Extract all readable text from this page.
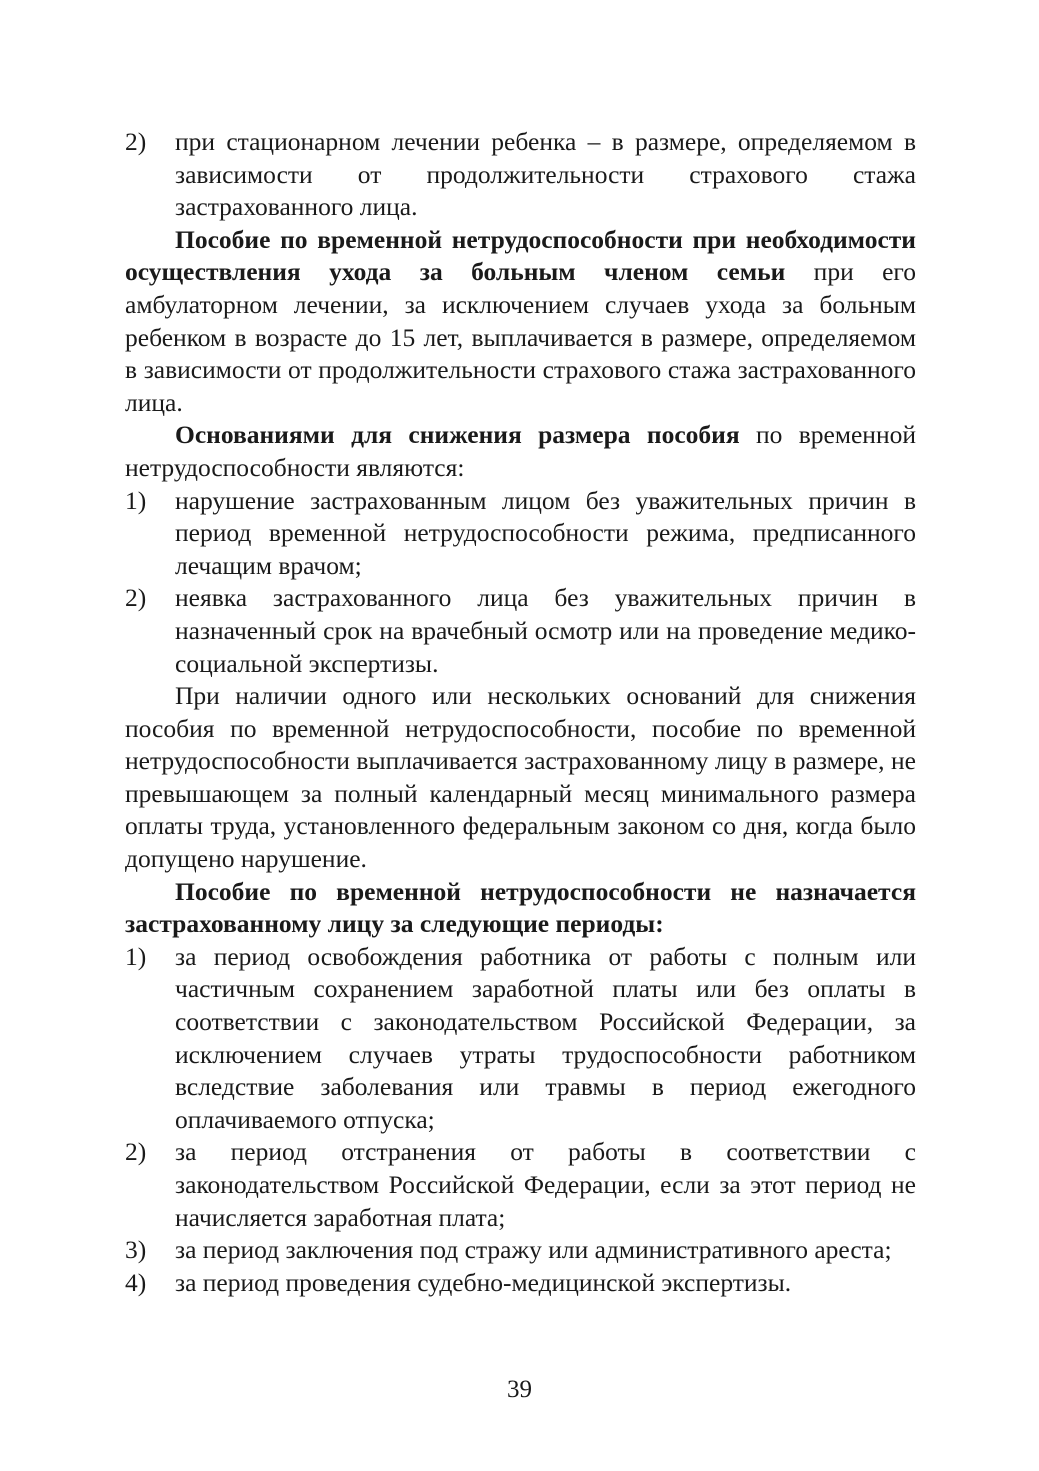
2)	при стационарном лечении ребенка – в размере, определяемом в зависимости от продолжительности страхового стажа застрахованного лица.

Пособие по временной нетрудоспособности при необходимости осуществления ухода за больным членом семьи при его амбулаторном лечении, за исключением случаев ухода за больным ребенком в возрасте до 15 лет, выплачивается в размере, определяемом в зависимости от продолжительности страхового стажа застрахованного лица.

Основаниями для снижения размера пособия по временной нетрудоспособности являются:

1)	нарушение застрахованным лицом без уважительных причин в период временной нетрудоспособности режима, предписанного лечащим врачом;
2)	неявка застрахованного лица без уважительных причин в назначенный срок на врачебный осмотр или на проведение медико-социальной экспертизы.

При наличии одного или нескольких оснований для снижения пособия по временной нетрудоспособности, пособие по временной нетрудоспособности выплачивается застрахованному лицу в размере, не превышающем за полный календарный месяц минимального размера оплаты труда, установленного федеральным законом со дня, когда было допущено нарушение.

Пособие по временной нетрудоспособности не назначается застрахованному лицу за следующие периоды:

1)	за период освобождения работника от работы с полным или частичным сохранением заработной платы или без оплаты в соответствии с законодательством Российской Федерации, за исключением случаев утраты трудоспособности работником вследствие заболевания или травмы в период ежегодного оплачиваемого отпуска;
2)	за период отстранения от работы в соответствии с законодательством Российской Федерации, если за этот период не начисляется заработная плата;
3)	за период заключения под стражу или административного ареста;
4)	за период проведения судебно-медицинской экспертизы.
39
